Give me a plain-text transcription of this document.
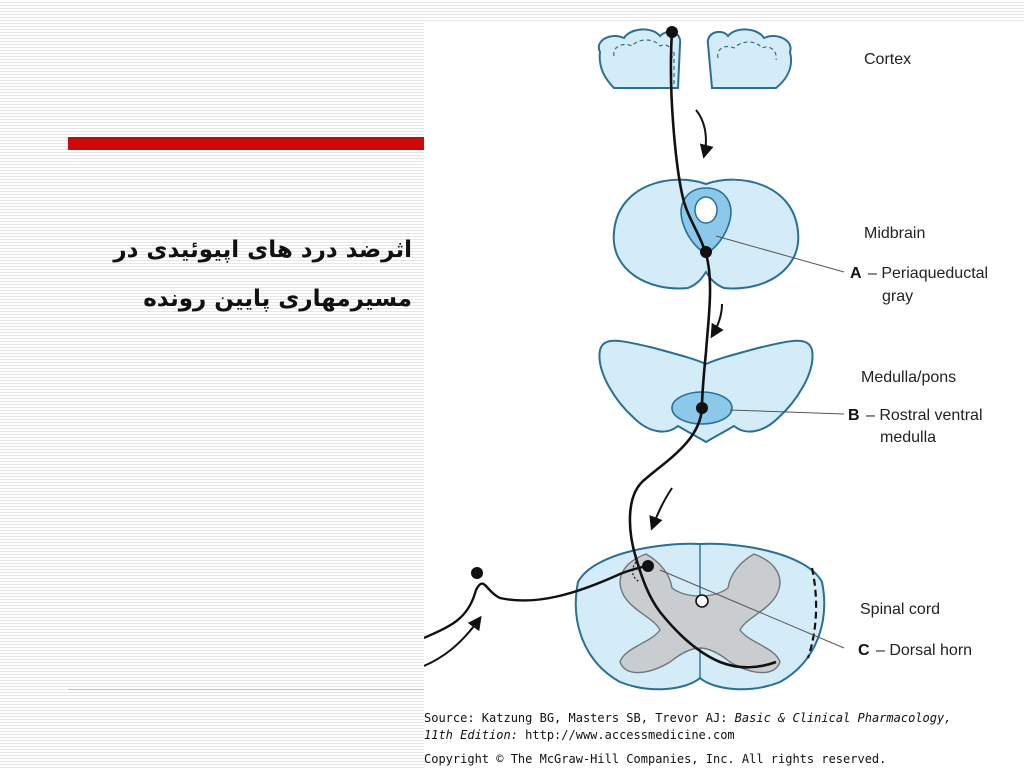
اثرضد درد های اپیوئیدی در
مسیرمهاری پایین رونده
Cortex
Midbrain
Medulla/pons
Spinal cord
A – Periaqueductal
gray
B – Rostral ventral
medulla
C – Dorsal horn
Source: Katzung BG, Masters SB, Trevor AJ: Basic & Clinical Pharmacology,
11th Edition: http://www.accessmedicine.com
Copyright © The McGraw-Hill Companies, Inc. All rights reserved.
